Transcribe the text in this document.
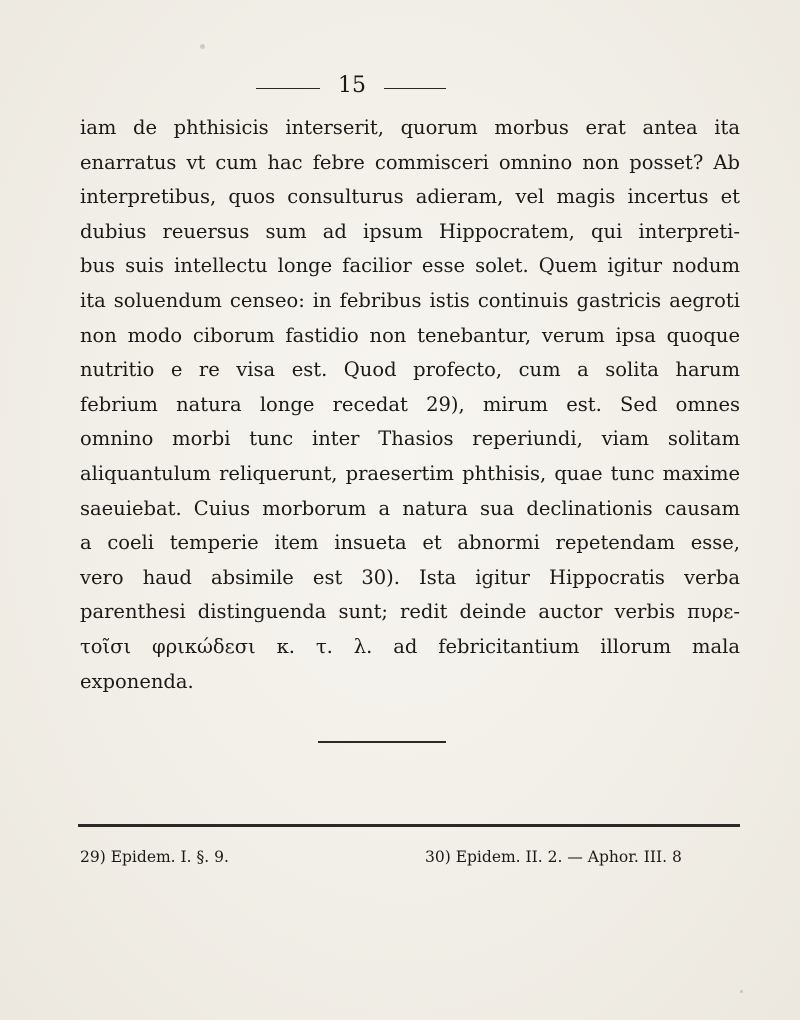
15
iam de phthisicis interserit, quorum morbus erat antea ita
enarratus vt cum hac febre commisceri omnino non posset? Ab
interpretibus, quos consulturus adieram, vel magis incertus et
dubius reuersus sum ad ipsum Hippocratem, qui interpreti-
bus suis intellectu longe facilior esse solet. Quem igitur nodum
ita soluendum censeo: in febribus istis continuis gastricis aegroti
non modo ciborum fastidio non tenebantur, verum ipsa quoque
nutritio e re visa est. Quod profecto, cum a solita harum
febrium natura longe recedat 29), mirum est. Sed omnes
omnino morbi tunc inter Thasios reperiundi, viam solitam
aliquantulum reliquerunt, praesertim phthisis, quae tunc maxime
saeuiebat. Cuius morborum a natura sua declinationis causam
a coeli temperie item insueta et abnormi repetendam esse,
vero haud absimile est 30). Ista igitur Hippocratis verba
parenthesi distinguenda sunt; redit deinde auctor verbis πυρε-
τοῖσι φρικώδεσι κ. τ. λ. ad febricitantium illorum mala
exponenda.
29) Epidem. I. §. 9.	30) Epidem. II. 2. — Aphor. III. 8
